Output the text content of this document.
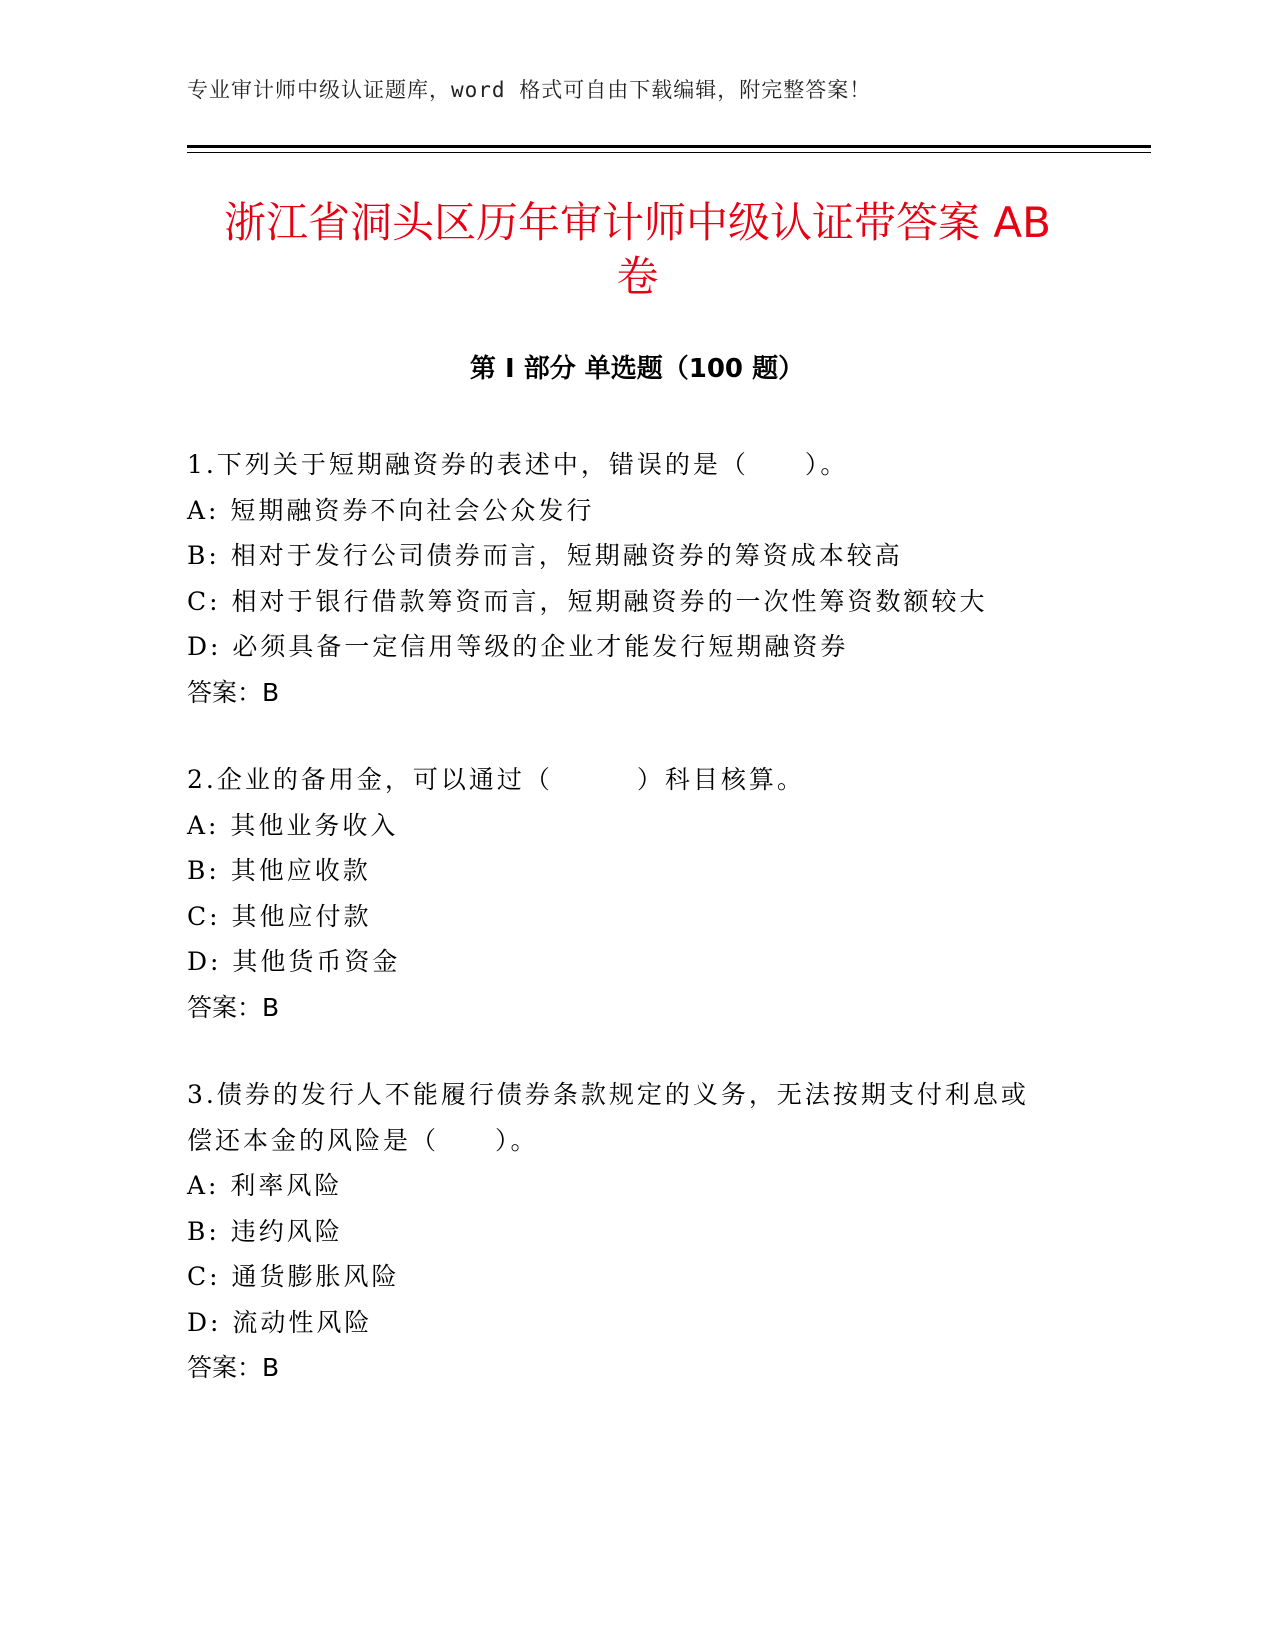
专业审计师中级认证题库，word 格式可自由下载编辑，附完整答案！
浙江省洞头区历年审计师中级认证带答案 AB
卷
第 I 部分 单选题（100 题）
1.下列关于短期融资券的表述中，错误的是（　　）。
A: 短期融资券不向社会公众发行
B: 相对于发行公司债券而言，短期融资券的筹资成本较高
C: 相对于银行借款筹资而言，短期融资券的一次性筹资数额较大
D: 必须具备一定信用等级的企业才能发行短期融资券
答案：B
2.企业的备用金，可以通过（　　　）科目核算。
A: 其他业务收入
B: 其他应收款
C: 其他应付款
D: 其他货币资金
答案：B
3.债券的发行人不能履行债券条款规定的义务，无法按期支付利息或
偿还本金的风险是（　　）。
A: 利率风险
B: 违约风险
C: 通货膨胀风险
D: 流动性风险
答案：B
